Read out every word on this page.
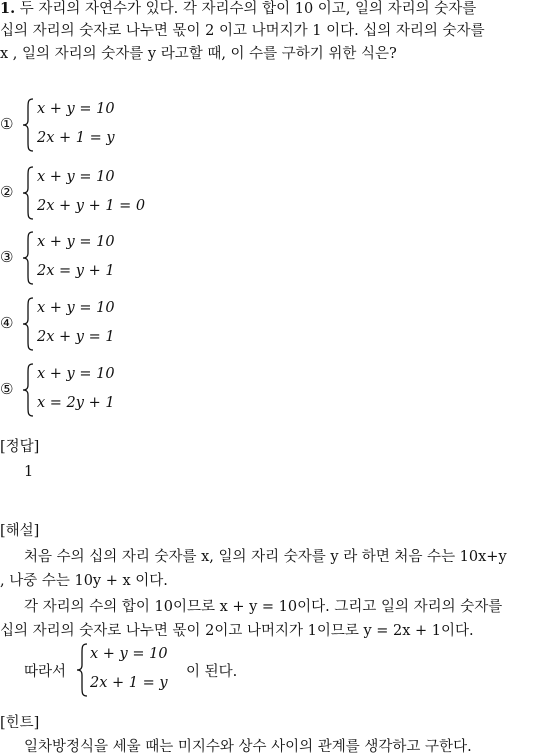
1. 두 자리의 자연수가 있다. 각 자리수의 합이 10 이고, 일의 자리의 숫자를
십의 자리의 숫자로 나누면 몫이 2 이고 나머지가 1 이다. 십의 자리의 숫자를
x , 일의 자리의 숫자를 y 라고할 때, 이 수를 구하기 위한 식은?
①
x + y = 10
2x + 1 = y
②
x + y = 10
2x + y + 1 = 0
③
x + y = 10
2x = y + 1
④
x + y = 10
2x + y = 1
⑤
x + y = 10
x = 2y + 1
[정답]
1
[해설]
처음 수의 십의 자리 숫자를 x, 일의 자리 숫자를 y 라 하면 처음 수는 10x+y
, 나중 수는 10y + x 이다.
각 자리의 수의 합이 10이므로 x + y = 10이다. 그리고 일의 자리의 숫자를
십의 자리의 숫자로 나누면 몫이 2이고 나머지가 1이므로 y = 2x + 1이다.
따라서
x + y = 10
2x + 1 = y
이 된다.
[힌트]
일차방정식을 세울 때는 미지수와 상수 사이의 관계를 생각하고 구한다.
